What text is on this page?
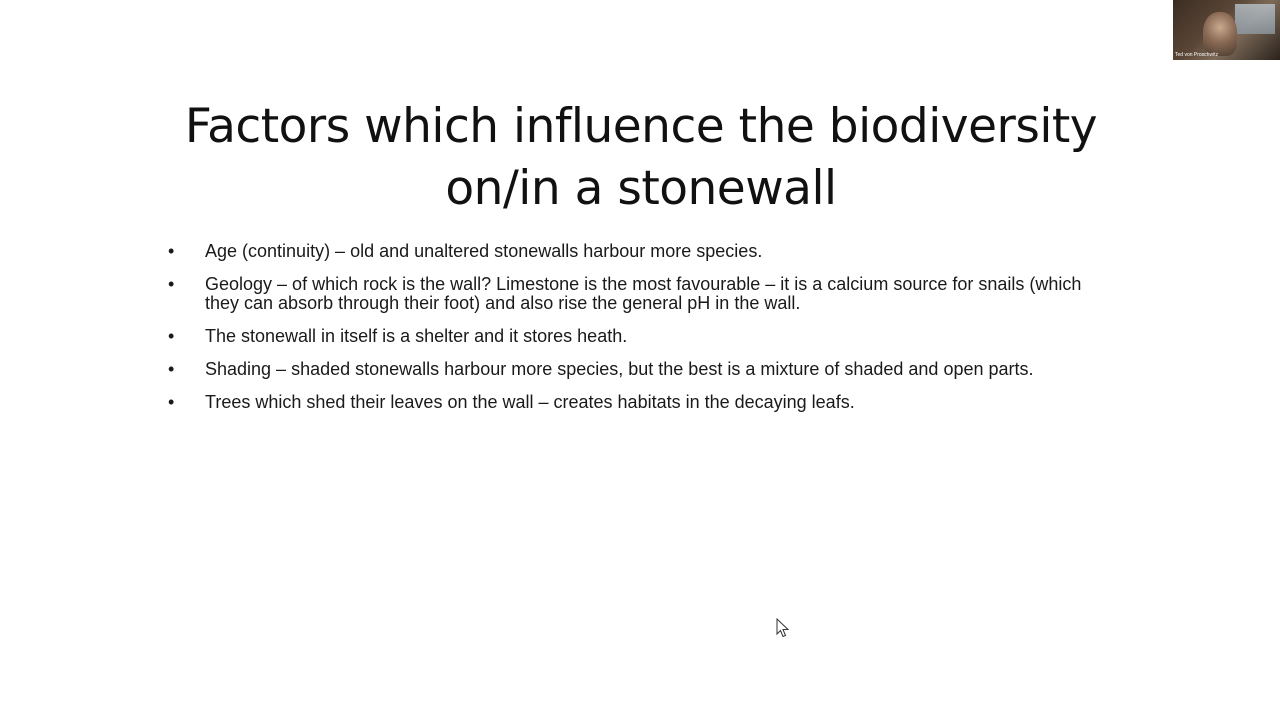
Factors which influence the biodiversity
on/in a stonewall
•	Age (continuity) – old and unaltered stonewalls harbour more species.
•	Geology – of which rock is the wall? Limestone is the most favourable – it is a calcium source for snails (which they can absorb through their foot) and also rise the general pH in the wall.
•	The stonewall in itself is a shelter and it stores heath.
•	Shading – shaded stonewalls harbour more species, but the best is a mixture of shaded and open parts.
•	Trees which shed their leaves on the wall – creates habitats in the decaying leafs.
Ted von Proschwitz
